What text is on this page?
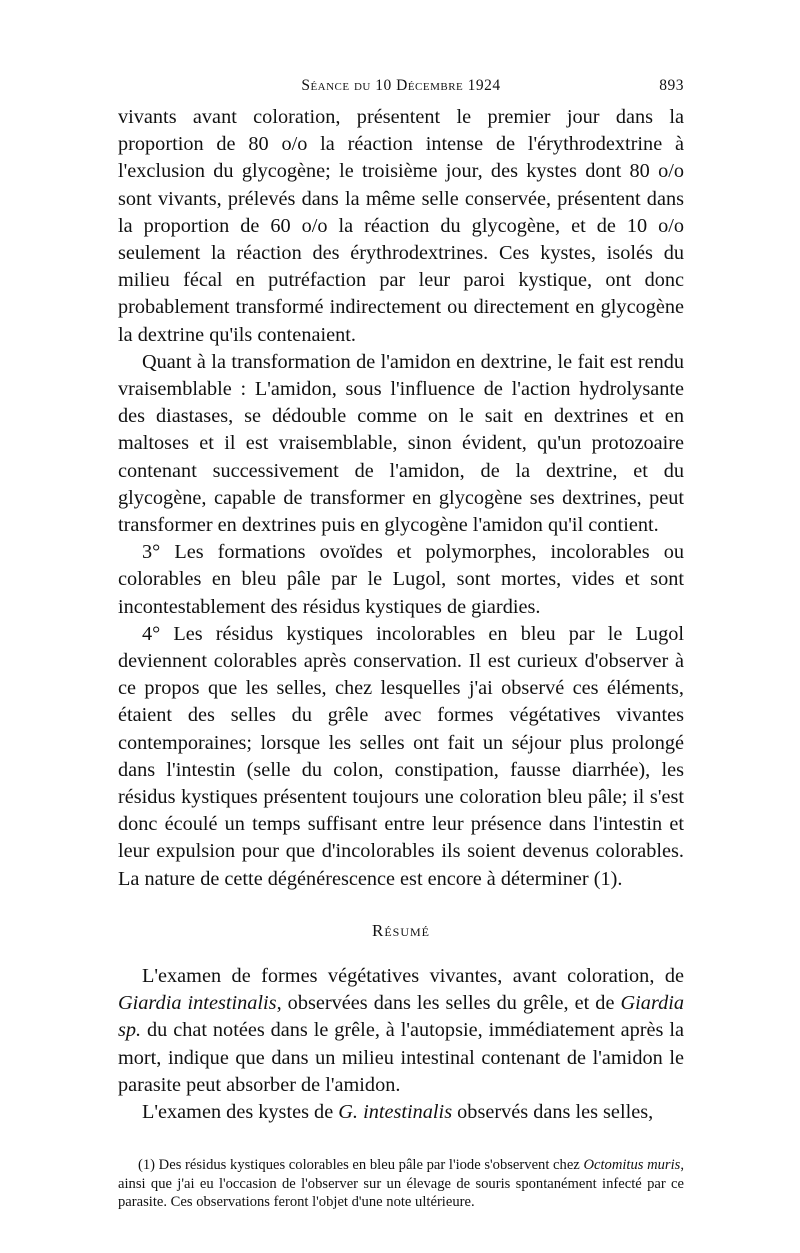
Séance du 10 Décembre 1924	893

vivants avant coloration, présentent le premier jour dans la proportion de 80 o/o la réaction intense de l'érythrodextrine à l'exclusion du glycogène; le troisième jour, des kystes dont 80 o/o sont vivants, prélevés dans la même selle conservée, présentent dans la proportion de 60 o/o la réaction du glycogène, et de 10 o/o seulement la réaction des érythrodextrines. Ces kystes, isolés du milieu fécal en putréfaction par leur paroi kystique, ont donc probablement transformé indirectement ou directement en glycogène la dextrine qu'ils contenaient.

Quant à la transformation de l'amidon en dextrine, le fait est rendu vraisemblable : L'amidon, sous l'influence de l'action hydrolysante des diastases, se dédouble comme on le sait en dextrines et en maltoses et il est vraisemblable, sinon évident, qu'un protozoaire contenant successivement de l'amidon, de la dextrine, et du glycogène, capable de transformer en glycogène ses dextrines, peut transformer en dextrines puis en glycogène l'amidon qu'il contient.

3° Les formations ovoïdes et polymorphes, incolorables ou colorables en bleu pâle par le Lugol, sont mortes, vides et sont incontestablement des résidus kystiques de giardies.

4° Les résidus kystiques incolorables en bleu par le Lugol deviennent colorables après conservation. Il est curieux d'observer à ce propos que les selles, chez lesquelles j'ai observé ces éléments, étaient des selles du grêle avec formes végétatives vivantes contemporaines; lorsque les selles ont fait un séjour plus prolongé dans l'intestin (selle du colon, constipation, fausse diarrhée), les résidus kystiques présentent toujours une coloration bleu pâle; il s'est donc écoulé un temps suffisant entre leur présence dans l'intestin et leur expulsion pour que d'incolorables ils soient devenus colorables. La nature de cette dégénérescence est encore à déterminer (1).

Résumé

L'examen de formes végétatives vivantes, avant coloration, de Giardia intestinalis, observées dans les selles du grêle, et de Giardia sp. du chat notées dans le grêle, à l'autopsie, immédiatement après la mort, indique que dans un milieu intestinal contenant de l'amidon le parasite peut absorber de l'amidon.

L'examen des kystes de G. intestinalis observés dans les selles,

(1) Des résidus kystiques colorables en bleu pâle par l'iode s'observent chez Octomitus muris, ainsi que j'ai eu l'occasion de l'observer sur un élevage de souris spontanément infecté par ce parasite. Ces observations feront l'objet d'une note ultérieure.
